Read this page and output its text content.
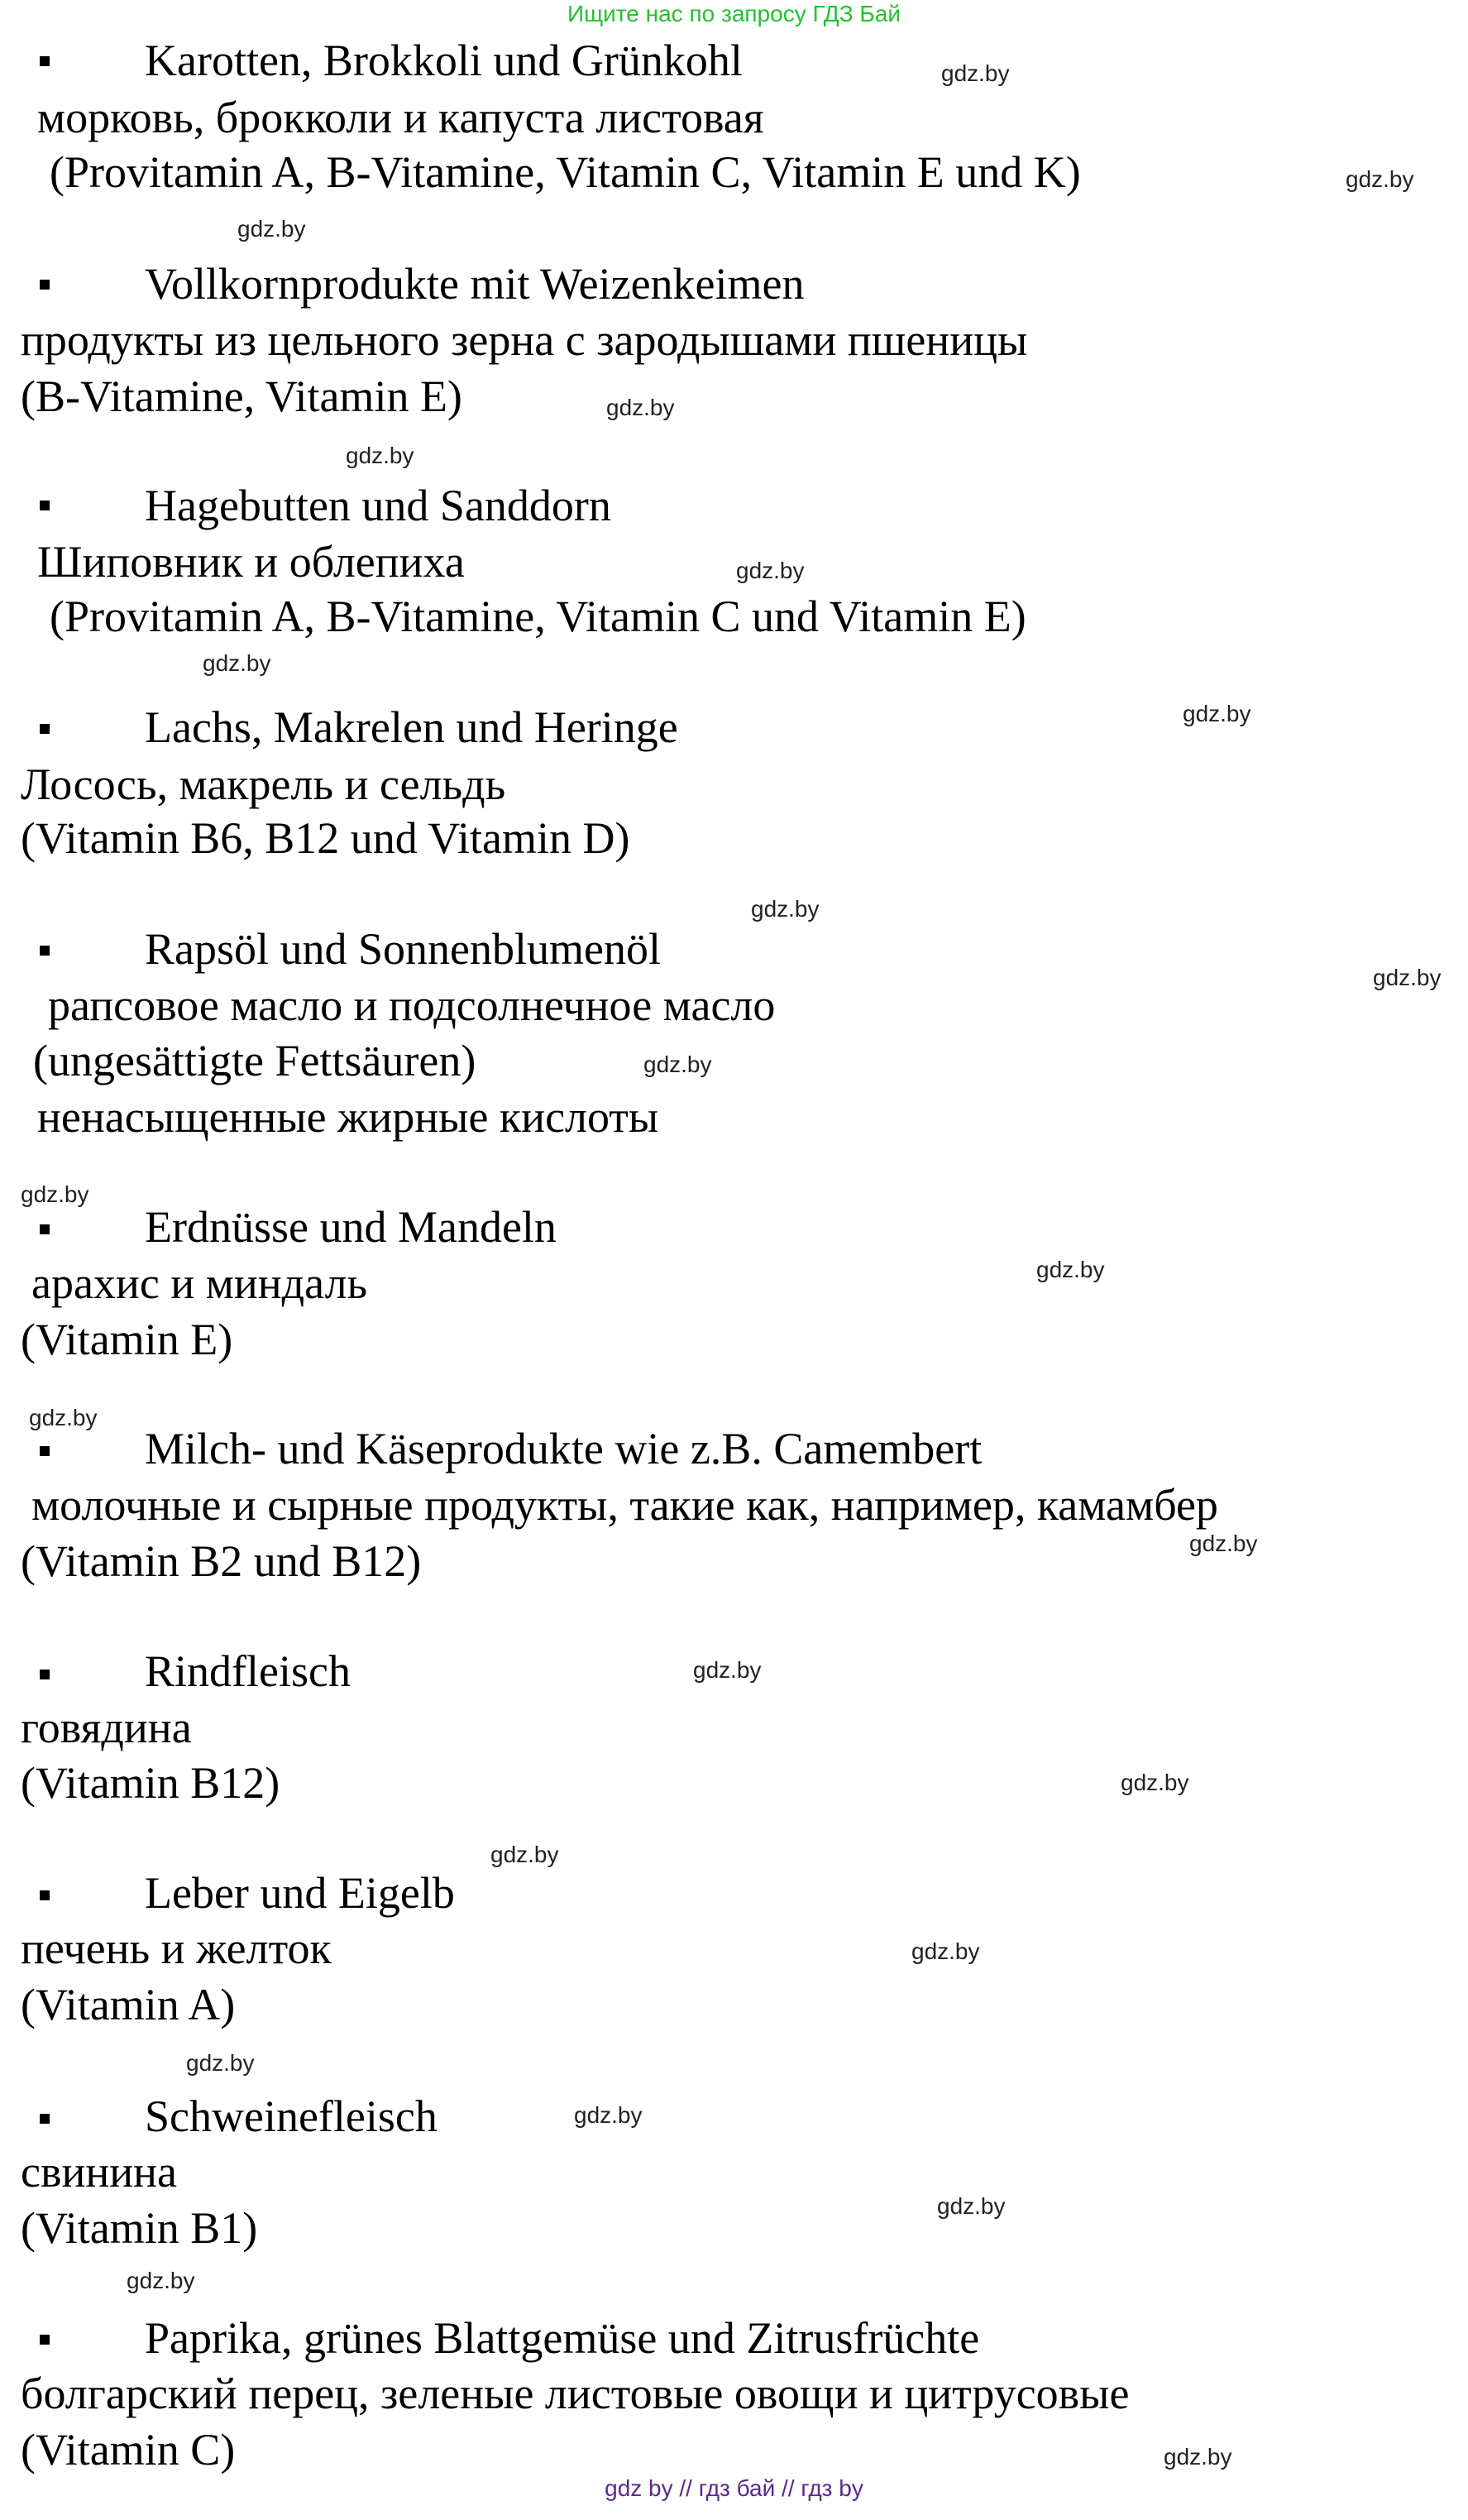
Ищите нас по запросу ГДЗ Бай
Karotten, Brokkoli und Grünkohl
морковь, брокколи и капуста листовая
(Provitamin A, B-Vitamine, Vitamin C, Vitamin E und K)
Vollkornprodukte mit Weizenkeimen
продукты из цельного зерна с зародышами пшеницы
(B-Vitamine, Vitamin E)
Hagebutten und Sanddorn
Шиповник и облепиха
(Provitamin A, B-Vitamine, Vitamin C und Vitamin E)
Lachs, Makrelen und Heringe
Лосось, макрель и сельдь
(Vitamin B6, B12 und Vitamin D)
Rapsöl und Sonnenblumenöl
рапсовое масло и подсолнечное масло
(ungesättigte Fettsäuren)
ненасыщенные жирные кислоты
Erdnüsse und Mandeln
арахис и миндаль
(Vitamin E)
Milch- und Käseprodukte wie z.B. Camembert
молочные и сырные продукты, такие как, например, камамбер
(Vitamin B2 und B12)
Rindfleisch
говядина
(Vitamin B12)
Leber und Eigelb
печень и желток
(Vitamin A)
Schweinefleisch
свинина
(Vitamin B1)
Paprika, grünes Blattgemüse und Zitrusfrüchte
болгарский перец, зеленые листовые овощи и цитрусовые
(Vitamin C)
gdz.by
gdz.by
gdz.by
gdz.by
gdz.by
gdz.by
gdz.by
gdz.by
gdz.by
gdz.by
gdz.by
gdz.by
gdz.by
gdz.by
gdz.by
gdz.by
gdz.by
gdz.by
gdz.by
gdz.by
gdz.by
gdz.by
gdz.by
gdz.by
gdz by // гдз бай // гдз by
